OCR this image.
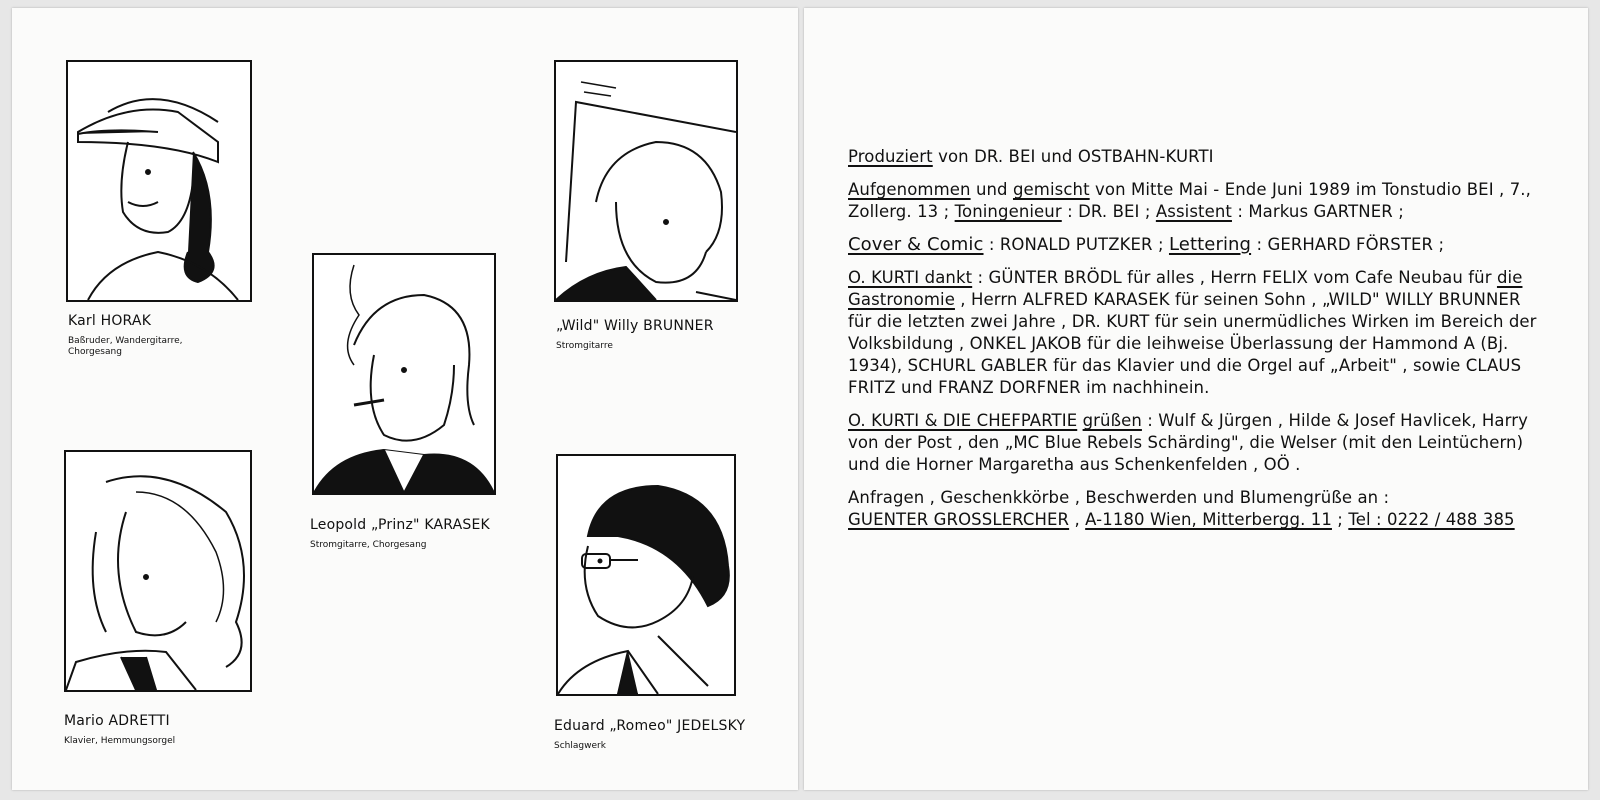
Karl HORAK
Baßruder, Wandergitarre, Chorgesang
Leopold „Prinz" KARASEK
Stromgitarre, Chorgesang
„Wild" Willy BRUNNER
Stromgitarre
Mario ADRETTI
Klavier, Hemmungsorgel
Eduard „Romeo" JEDELSKY
Schlagwerk

Produziert von DR. BEI und OSTBAHN-KURTI

Aufgenommen und gemischt von Mitte Mai - Ende Juni 1989 im Tonstudio BEI , 7., Zollerg. 13 ; Toningenieur : DR. BEI ; Assistent : Markus GARTNER ;

Cover & Comic : RONALD PUTZKER ; Lettering : GERHARD FÖRSTER ;

O. KURTI dankt : GÜNTER BRÖDL für alles , Herrn FELIX vom Cafe Neubau für die Gastronomie , Herrn ALFRED KARASEK für seinen Sohn , „WILD" WILLY BRUNNER für die letzten zwei Jahre , DR. KURT für sein unermüdliches Wirken im Bereich der Volksbildung , ONKEL JAKOB für die leihweise Überlassung der Hammond A (Bj. 1934), SCHURL GABLER für das Klavier und die Orgel auf „Arbeit" , sowie CLAUS FRITZ und FRANZ DORFNER im nachhinein.

O. KURTI & DIE CHEFPARTIE grüßen : Wulf & Jürgen , Hilde & Josef Havlicek, Harry von der Post , den „MC Blue Rebels Schärding", die Welser (mit den Leintüchern) und die Horner Margaretha aus Schenkenfelden , OÖ .

Anfragen , Geschenkkörbe , Beschwerden und Blumengrüße an :
GUENTER GROSSLERCHER , A-1180 Wien, Mitterbergg. 11 ; Tel : 0222 / 488 385
